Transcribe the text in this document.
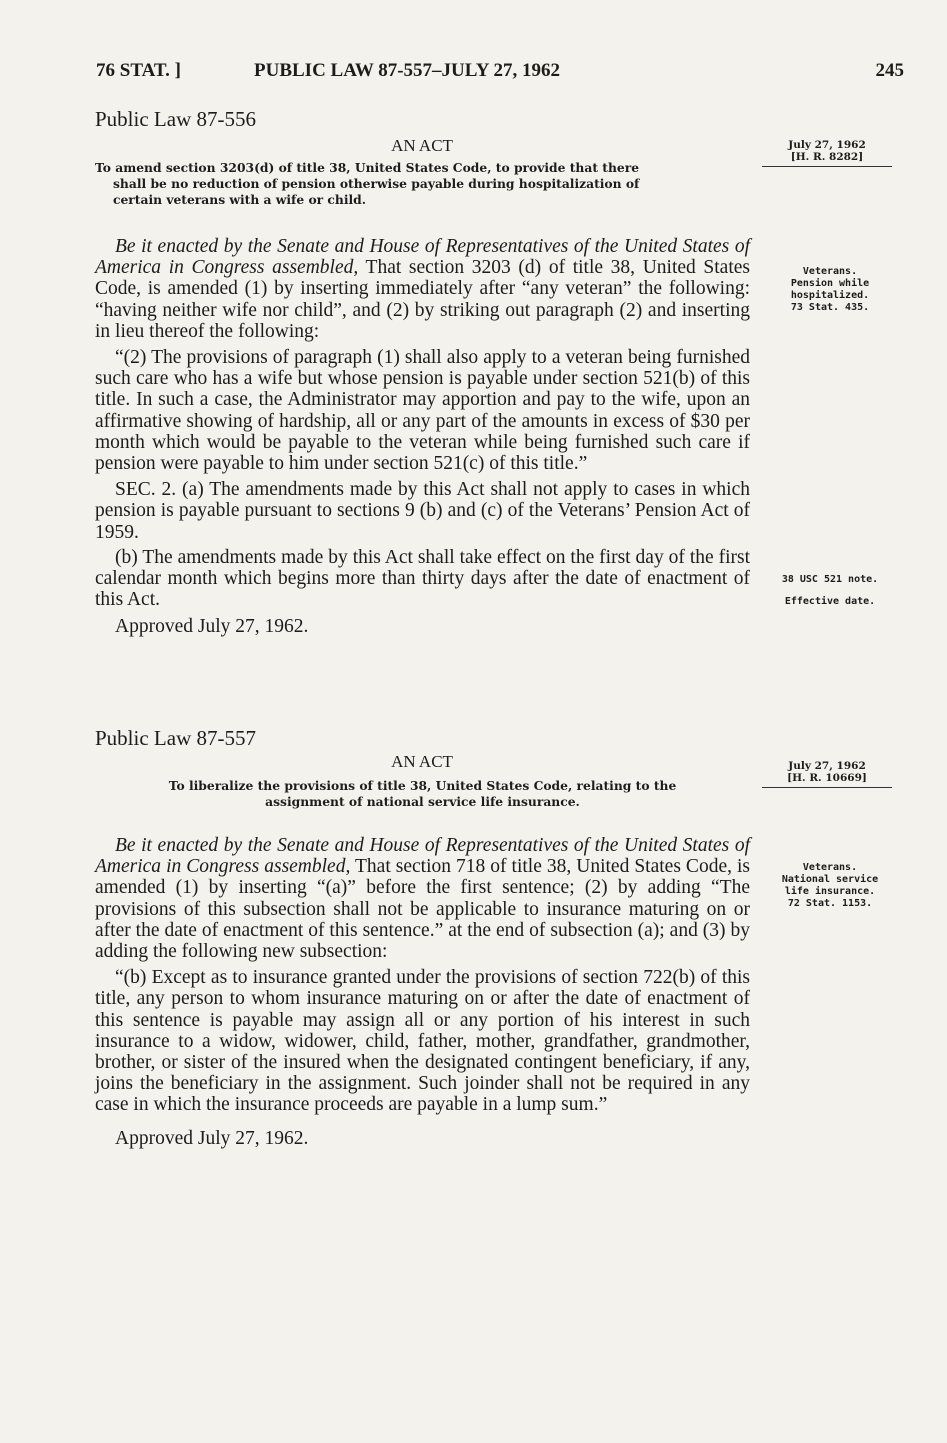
76 STAT. ]	PUBLIC LAW 87-557–JULY 27, 1962	245
Public Law 87-556
AN ACT	July 27, 1962
[H. R. 8282]
To amend section 3203(d) of title 38, United States Code, to provide that there
shall be no reduction of pension otherwise payable during hospitalization of
certain veterans with a wife or child.

Be it enacted by the Senate and House of Representatives of the United States of America in Congress assembled, That section 3203 (d) of title 38, United States Code, is amended (1) by inserting immediately after “any veteran” the following: “having neither wife nor child”, and (2) by striking out paragraph (2) and inserting in lieu thereof the following:

“(2) The provisions of paragraph (1) shall also apply to a veteran being furnished such care who has a wife but whose pension is payable under section 521(b) of this title. In such a case, the Administrator may apportion and pay to the wife, upon an affirmative showing of hardship, all or any part of the amounts in excess of $30 per month which would be payable to the veteran while being furnished such care if pension were payable to him under section 521(c) of this title.”

SEC. 2. (a) The amendments made by this Act shall not apply to cases in which pension is payable pursuant to sections 9 (b) and (c) of the Veterans’ Pension Act of 1959.

(b) The amendments made by this Act shall take effect on the first day of the first calendar month which begins more than thirty days after the date of enactment of this Act.

Approved July 27, 1962.

Veterans.
Pension while
hospitalized.
73 Stat. 435.
38 USC 521 note.
Effective date.
Public Law 87-557
AN ACT	July 27, 1962
[H. R. 10669]
To liberalize the provisions of title 38, United States Code, relating to the
assignment of national service life insurance.

Be it enacted by the Senate and House of Representatives of the United States of America in Congress assembled, That section 718 of title 38, United States Code, is amended (1) by inserting “(a)” before the first sentence; (2) by adding “The provisions of this subsection shall not be applicable to insurance maturing on or after the date of enactment of this sentence.” at the end of subsection (a); and (3) by adding the following new subsection:

“(b) Except as to insurance granted under the provisions of section 722(b) of this title, any person to whom insurance maturing on or after the date of enactment of this sentence is payable may assign all or any portion of his interest in such insurance to a widow, widower, child, father, mother, grandfather, grandmother, brother, or sister of the insured when the designated contingent beneficiary, if any, joins the beneficiary in the assignment. Such joinder shall not be required in any case in which the insurance proceeds are payable in a lump sum.”

Approved July 27, 1962.

Veterans.
National service
life insurance.
72 Stat. 1153.
